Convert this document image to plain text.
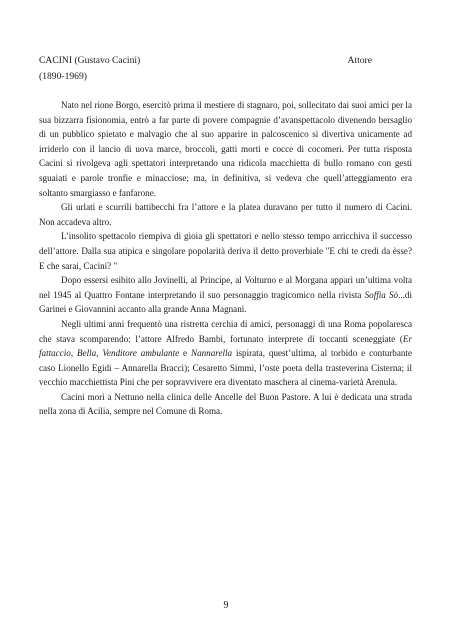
CACINI (Gustavo Cacini)	Attore
(1890-1969)

Nato nel rione Borgo, esercitò prima il mestiere di stagnaro, poi, sollecitato dai suoi amici per la sua bizzarra fisionomia, entrò a far parte di povere compagnie d’avanspettacolo divenendo bersaglio di un pubblico spietato e malvagio che al suo apparire in palcoscenico si divertiva unicamente ad irriderlo con il lancio di uova marce, broccoli, gatti morti e cocce di cocomeri. Per tutta risposta Cacini si rivolgeva agli spettatori interpretando una ridicola macchietta di bullo romano con gesti sguaiati e parole tronfie e minacciose; ma, in definitiva, si vedeva che quell’atteggiamento era soltanto smargiasso e fanfarone.

Gli urlati e scurrili battibecchi fra l’attore e la platea duravano per tutto il numero di Cacini. Non accadeva altro.

L’insolito spettacolo riempiva di gioia gli spettatori e nello stesso tempo arricchiva il successo dell’attore. Dalla sua atipica e singolare popolarità deriva il detto proverbiale "E chi te credi da èsse? E che sarai, Cacini? "

Dopo essersi esibito allo Jovinelli, al Principe, al Volturno e al Morgana apparì un’ultima volta nel 1945 al Quattro Fontane interpretando il suo personaggio tragicomico nella rivista Soffia Sò...di Garinei e Giovannini accanto alla grande Anna Magnani.

Negli ultimi anni frequentò una ristretta cerchia di amici, personaggi di una Roma popolaresca che stava scomparendo: l’attore Alfredo Bambi, fortunato interprete di toccanti sceneggiate (Er fattaccio, Bella, Venditore ambulante e Nannarella ispirata, quest’ultima, al torbido e conturbante caso Lionello Egidi – Annarella Bracci); Cesaretto Simmi, l’oste poeta della trasteverina Cisterna; il vecchio macchiettista Pini che per sopravvivere era diventato maschera al cinema-varietà Arenula.

Cacini morì a Nettuno nella clinica delle Ancelle del Buon Pastore. A lui è dedicata una strada nella zona di Acilia, sempre nel Comune di Roma.

9
